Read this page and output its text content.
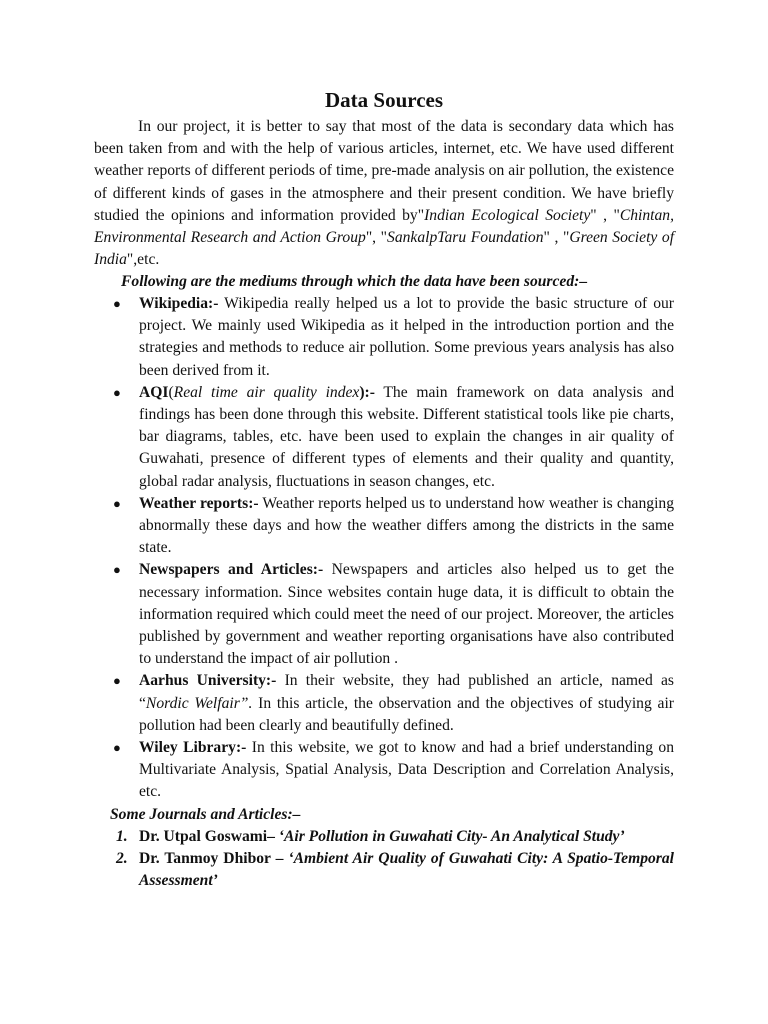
Data Sources

In our project, it is better to say that most of the data is secondary data which has been taken from and with the help of various articles, internet, etc. We have used different weather reports of different periods of time, pre-made analysis on air pollution, the existence of different kinds of gases in the atmosphere and their present condition. We have briefly studied the opinions and information provided by"Indian Ecological Society" , "Chintan, Environmental Research and Action Group", "SankalpTaru Foundation" , "Green Society of India",etc.

Following are the mediums through which the data have been sourced:–

● Wikipedia:- Wikipedia really helped us a lot to provide the basic structure of our project. We mainly used Wikipedia as it helped in the introduction portion and the strategies and methods to reduce air pollution. Some previous years analysis has also been derived from it.
● AQI(Real time air quality index):- The main framework on data analysis and findings has been done through this website. Different statistical tools like pie charts, bar diagrams, tables, etc. have been used to explain the changes in air quality of Guwahati, presence of different types of elements and their quality and quantity, global radar analysis, fluctuations in season changes, etc.
● Weather reports:- Weather reports helped us to understand how weather is changing abnormally these days and how the weather differs among the districts in the same state.
● Newspapers and Articles:- Newspapers and articles also helped us to get the necessary information. Since websites contain huge data, it is difficult to obtain the information required which could meet the need of our project. Moreover, the articles published by government and weather reporting organisations have also contributed to understand the impact of air pollution .
● Aarhus University:- In their website, they had published an article, named as “Nordic Welfair”. In this article, the observation and the objectives of studying air pollution had been clearly and beautifully defined.
● Wiley Library:- In this website, we got to know and had a brief understanding on Multivariate Analysis, Spatial Analysis, Data Description and Correlation Analysis, etc.

Some Journals and Articles:–

1. Dr. Utpal Goswami– ‘Air Pollution in Guwahati City- An Analytical Study’
2. Dr. Tanmoy Dhibor – ‘Ambient Air Quality of Guwahati City: A Spatio-Temporal Assessment’
